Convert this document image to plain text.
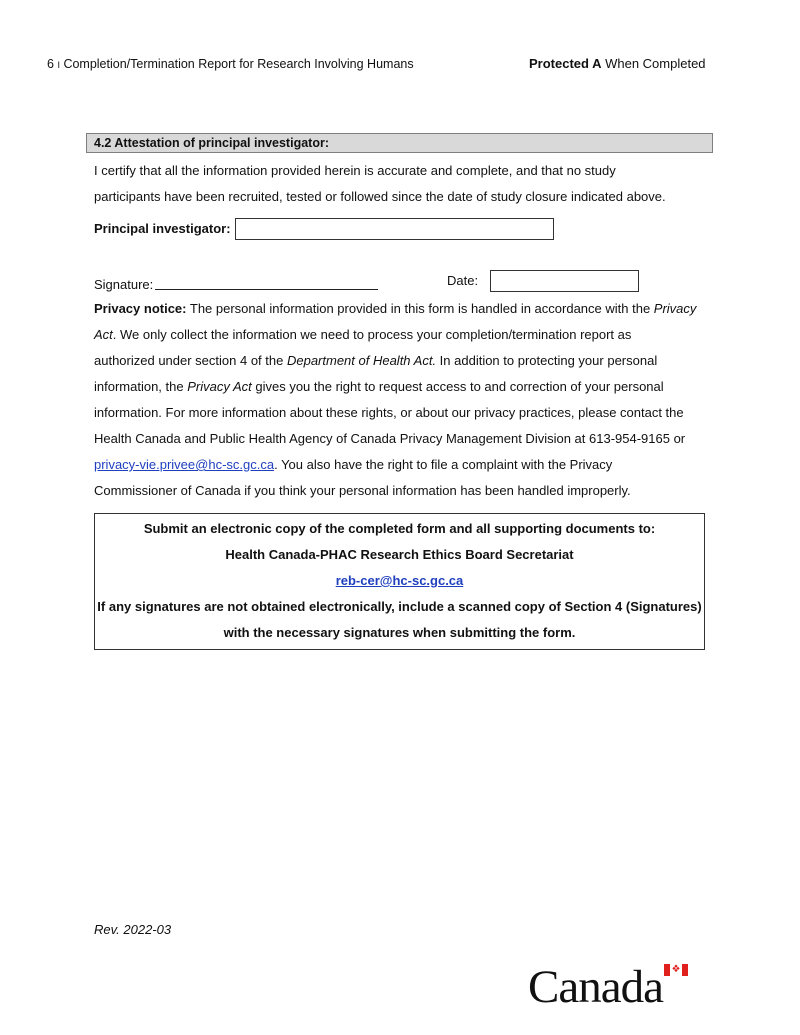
6 I Completion/Termination Report for Research Involving Humans	Protected A When Completed
4.2 Attestation of principal investigator:
I certify that all the information provided herein is accurate and complete, and that no study
participants have been recruited, tested or followed since the date of study closure indicated above.
Principal investigator:
Signature:	Date:
Privacy notice: The personal information provided in this form is handled in accordance with the Privacy
Act. We only collect the information we need to process your completion/termination report as
authorized under section 4 of the Department of Health Act. In addition to protecting your personal
information, the Privacy Act gives you the right to request access to and correction of your personal
information. For more information about these rights, or about our privacy practices, please contact the
Health Canada and Public Health Agency of Canada Privacy Management Division at 613-954-9165 or
privacy-vie.privee@hc-sc.gc.ca. You also have the right to file a complaint with the Privacy
Commissioner of Canada if you think your personal information has been handled improperly.
Submit an electronic copy of the completed form and all supporting documents to:
Health Canada-PHAC Research Ethics Board Secretariat
reb-cer@hc-sc.gc.ca
If any signatures are not obtained electronically, include a scanned copy of Section 4 (Signatures)
with the necessary signatures when submitting the form.
Rev. 2022-03
Canada ❖
